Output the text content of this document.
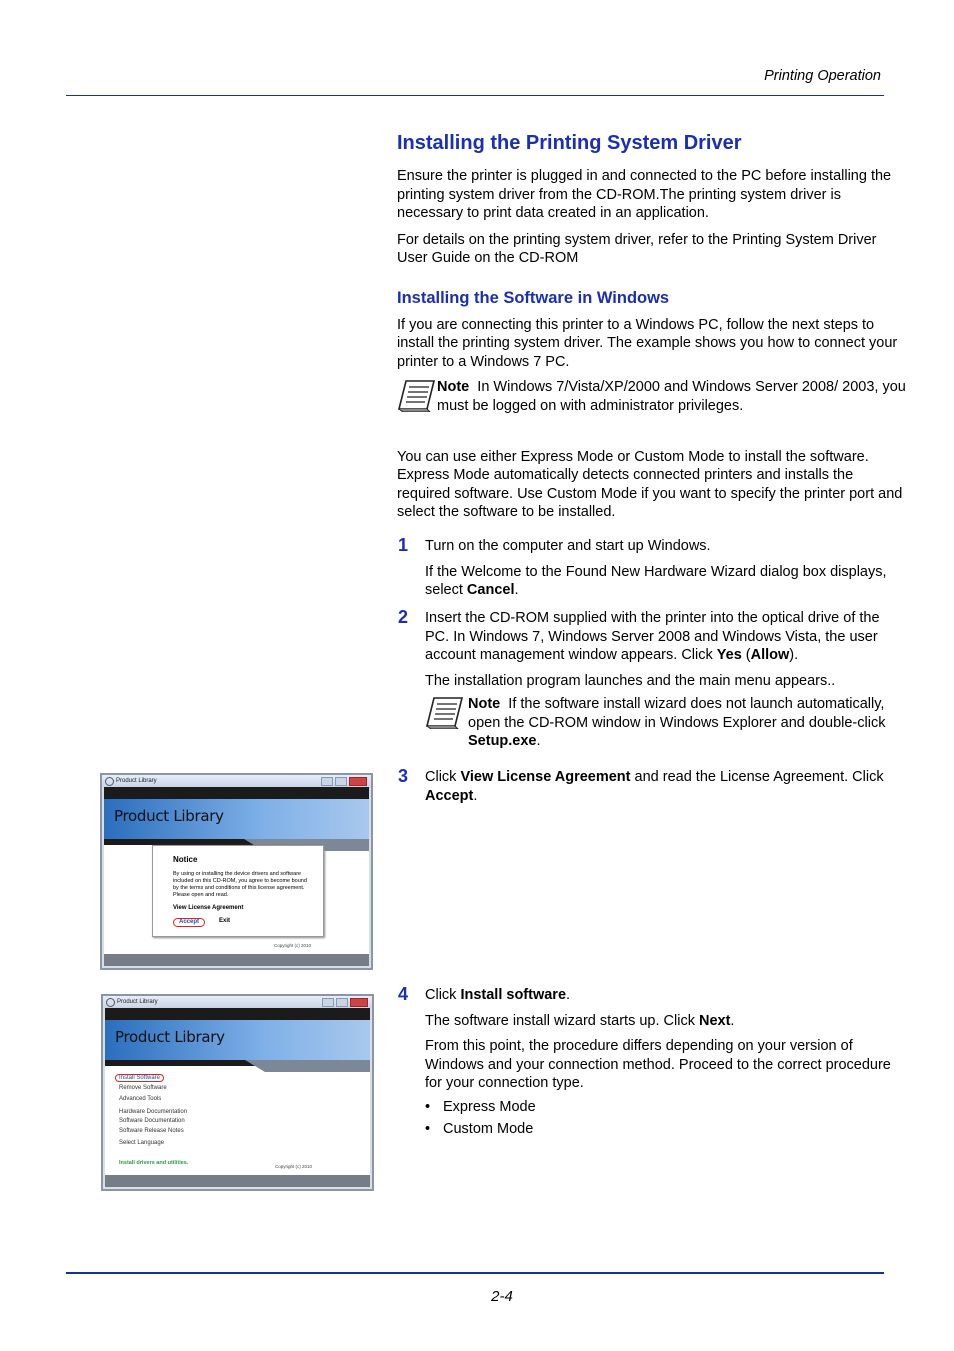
Printing Operation
Installing the Printing System Driver

Ensure the printer is plugged in and connected to the PC before installing the printing system driver from the CD-ROM.The printing system driver is necessary to print data created in an application.

For details on the printing system driver, refer to the Printing System Driver User Guide on the CD-ROM

Installing the Software in Windows

If you are connecting this printer to a Windows PC, follow the next steps to install the printing system driver. The example shows you how to connect your printer to a Windows 7 PC.

Note In Windows 7/Vista/XP/2000 and Windows Server 2008/ 2003, you must be logged on with administrator privileges.

You can use either Express Mode or Custom Mode to install the software. Express Mode automatically detects connected printers and installs the required software. Use Custom Mode if you want to specify the printer port and select the software to be installed.

1 Turn on the computer and start up Windows.

If the Welcome to the Found New Hardware Wizard dialog box displays, select Cancel.

2 Insert the CD-ROM supplied with the printer into the optical drive of the PC. In Windows 7, Windows Server 2008 and Windows Vista, the user account management window appears. Click Yes (Allow).

The installation program launches and the main menu appears..

Note If the software install wizard does not launch automatically, open the CD-ROM window in Windows Explorer and double-click Setup.exe.

3 Click View License Agreement and read the License Agreement. Click Accept.

4 Click Install software.

The software install wizard starts up. Click Next.

From this point, the procedure differs depending on your version of Windows and your connection method. Proceed to the correct procedure for your connection type.

• Express Mode

• Custom Mode

Product Library
Product Library
Notice
By using or installing the device drivers and software included on this CD-ROM, you agree to become bound by the terms and conditions of this license agreement. Please open and read.
View License Agreement
Accept	Exit
Copyright (c) 2010
Product Library
Product Library
Install Software
Remove Software
Advanced Tools
Hardware Documentation
Software Documentation
Software Release Notes
Select Language
Install drivers and utilities.
Copyright (c) 2010
2-4
